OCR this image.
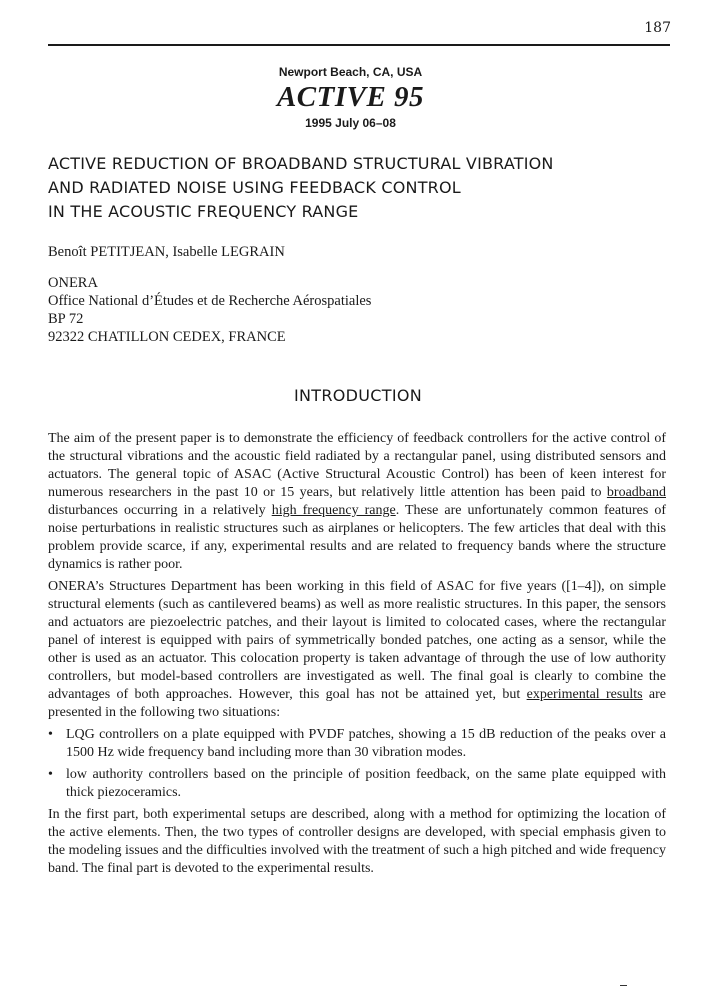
187
Newport Beach, CA, USA
ACTIVE 95
1995 July 06–08
ACTIVE REDUCTION OF BROADBAND STRUCTURAL VIBRATION
AND RADIATED NOISE USING FEEDBACK CONTROL
IN THE ACOUSTIC FREQUENCY RANGE
Benoît PETITJEAN, Isabelle LEGRAIN
ONERA
Office National d’Études et de Recherche Aérospatiales
BP 72
92322 CHATILLON CEDEX, FRANCE
INTRODUCTION

The aim of the present paper is to demonstrate the efficiency of feedback controllers for the active control of the structural vibrations and the acoustic field radiated by a rectangular panel, using distributed sensors and actuators. The general topic of ASAC (Active Structural Acoustic Control) has been of keen interest for numerous researchers in the past 10 or 15 years, but relatively little attention has been paid to broadband disturbances occurring in a relatively high frequency range. These are unfortunately common features of noise perturbations in realistic structures such as airplanes or helicopters. The few articles that deal with this problem provide scarce, if any, experimental results and are related to frequency bands where the structure dynamics is rather poor.

ONERA’s Structures Department has been working in this field of ASAC for five years ([1–4]), on simple structural elements (such as cantilevered beams) as well as more realistic structures. In this paper, the sensors and actuators are piezoelectric patches, and their layout is limited to colocated cases, where the rectangular panel of interest is equipped with pairs of symmetrically bonded patches, one acting as a sensor, while the other is used as an actuator. This colocation property is taken advantage of through the use of low authority controllers, but model-based controllers are investigated as well. The final goal is clearly to combine the advantages of both approaches. However, this goal has not be attained yet, but experimental results are presented in the following two situations:

• LQG controllers on a plate equipped with PVDF patches, showing a 15 dB reduction of the peaks over a 1500 Hz wide frequency band including more than 30 vibration modes.
• low authority controllers based on the principle of position feedback, on the same plate equipped with thick piezoceramics.

In the first part, both experimental setups are described, along with a method for optimizing the location of the active elements. Then, the two types of controller designs are developed, with special emphasis given to the modeling issues and the difficulties involved with the treatment of such a high pitched and wide frequency band. The final part is devoted to the experimental results.
